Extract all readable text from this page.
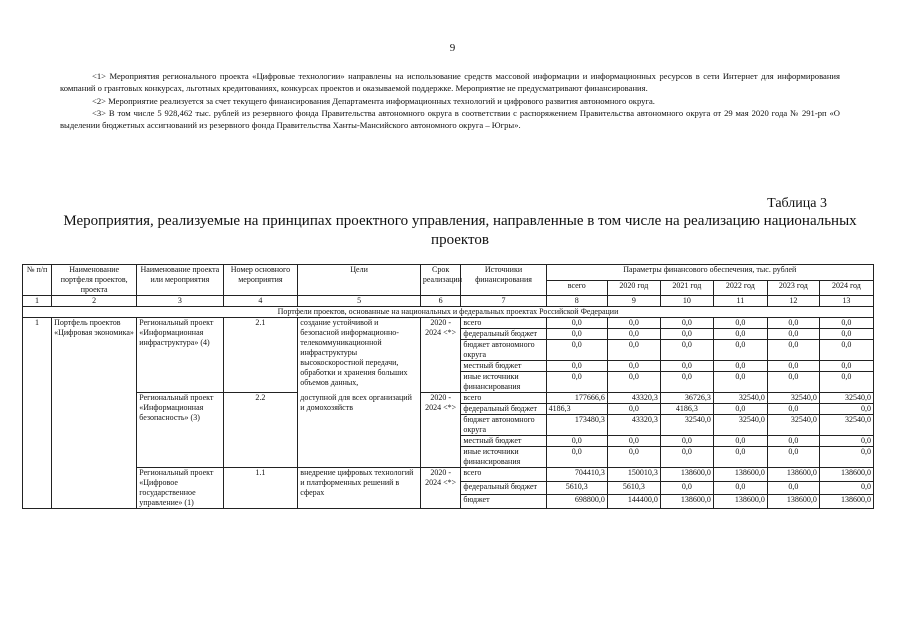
9

<1> Мероприятия регионального проекта «Цифровые технологии» направлены на использование средств массовой информации и информационных ресурсов в сети Интернет для информирования компаний о грантовых конкурсах, льготных кредитованиях, конкурсах проектов и оказываемой поддержке. Мероприятие не предусматривают финансирования.

<2> Мероприятие реализуется за счет текущего финансирования Департамента информационных технологий и цифрового развития автономного округа.

<3> В том числе 5 928,462 тыс. рублей из резервного фонда Правительства автономного округа в соответствии с распоряжением Правительства автономного округа от 29 мая 2020 года № 291-рп «О выделении бюджетных ассигнований из резервного фонда Правительства Ханты-Мансийского автономного округа – Югры».

Таблица 3
Мероприятия, реализуемые на принципах проектного управления, направленные в том числе на реализацию национальных проектов
№ п/п	Наименование портфеля проектов, проекта	Наименование проекта или мероприятия	Номер основного мероприятия	Цели	Срок реализации	Источники финансирования	Параметры финансового обеспечения, тыс. рублей					
							всего	2020 год	2021 год	2022 год	2023 год	2024 год
1	2	3	4	5	6	7	8	9	10	11	12	13
Портфели проектов, основанные на национальных и федеральных проектах Российской Федерации												
1	Портфель проектов «Цифровая экономика»	Региональный проект «Информационная инфраструктура» (4)	2.1	создание устойчивой и безопасной информационно-телекоммуникационной инфраструктуры высокоскоростной передачи, обработки и хранения больших объемов данных,	2020 - 2024 <*>	всего	0,0	0,0	0,0	0,0	0,0	0,0
						федеральный бюджет	0,0	0,0	0,0	0,0	0,0	0,0
						бюджет автономного округа	0,0	0,0	0,0	0,0	0,0	0,0
						местный бюджет	0,0	0,0	0,0	0,0	0,0	0,0
						иные источники финансирования	0,0	0,0	0,0	0,0	0,0	0,0
		Региональный проект «Информационная безопасность» (3)	2.2	доступной для всех организаций и домохозяйств	2020 - 2024 <*>	всего	177666,6	43320,3	36726,3	32540,0	32540,0	32540,0
						федеральный бюджет	4186,3	0,0	4186,3	0,0	0,0	0,0
						бюджет автономного округа	173480,3	43320,3	32540,0	32540,0	32540,0	32540,0
						местный бюджет	0,0	0,0	0,0	0,0	0,0	0,0
						иные источники финансирования	0,0	0,0	0,0	0,0	0,0	0,0
		Региональный проект «Цифровое государственное управление» (1)	1.1	внедрение цифровых технологий и платформенных решений в сферах	2020 - 2024 <*>	всего	704410,3	150010,3	138600,0	138600,0	138600,0	138600,0
						федеральный бюджет	5610,3	5610,3	0,0	0,0	0,0	0,0
						бюджет	698800,0	144400,0	138600,0	138600,0	138600,0	138600,0
